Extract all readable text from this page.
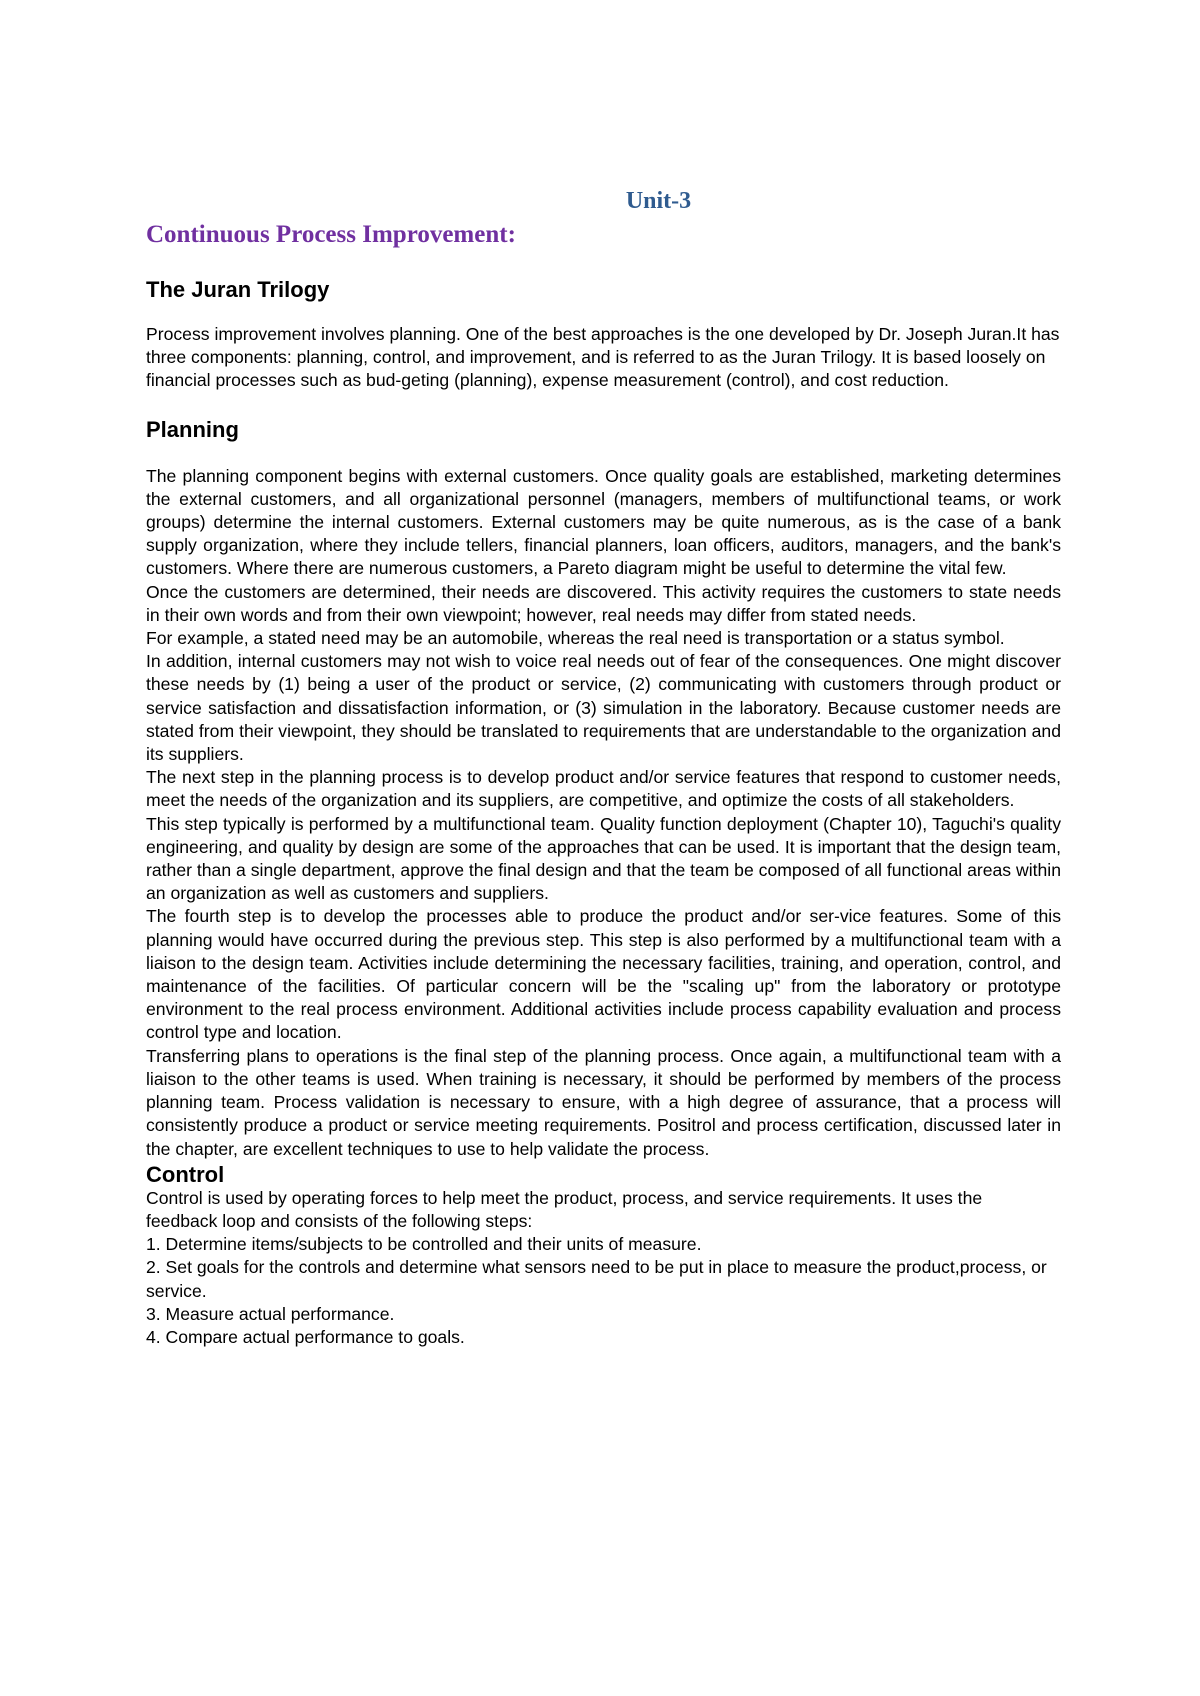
Unit-3
Continuous Process Improvement:
The Juran Trilogy

Process improvement involves planning. One of the best approaches is the one developed by Dr. Joseph Juran.It has three components: planning, control, and improvement, and is referred to as the Juran Trilogy. It is based loosely on financial processes such as bud-geting (planning), expense measurement (control), and cost reduction.

Planning

The planning component begins with external customers. Once quality goals are established, marketing determines the external customers, and all organizational personnel (managers, members of multifunctional teams, or work groups) determine the internal customers. External customers may be quite numerous, as is the case of a bank supply organization, where they include tellers, financial planners, loan officers, auditors, managers, and the bank's customers. Where there are numerous customers, a Pareto diagram might be useful to determine the vital few.

Once the customers are determined, their needs are discovered. This activity requires the customers to state needs in their own words and from their own viewpoint; however, real needs may differ from stated needs.

For example, a stated need may be an automobile, whereas the real need is transportation or a status symbol.

In addition, internal customers may not wish to voice real needs out of fear of the consequences. One might discover these needs by (1) being a user of the product or service, (2) communicating with customers through product or service satisfaction and dissatisfaction information, or (3) simulation in the laboratory. Because customer needs are stated from their viewpoint, they should be translated to requirements that are understandable to the organization and its suppliers.

The next step in the planning process is to develop product and/or service features that respond to customer needs, meet the needs of the organization and its suppliers, are competitive, and optimize the costs of all stakeholders.

This step typically is performed by a multifunctional team. Quality function deployment (Chapter 10), Taguchi's quality engineering, and quality by design are some of the approaches that can be used. It is important that the design team, rather than a single department, approve the final design and that the team be composed of all functional areas within an organization as well as customers and suppliers.

The fourth step is to develop the processes able to produce the product and/or ser-vice features. Some of this planning would have occurred during the previous step. This step is also performed by a multifunctional team with a liaison to the design team. Activities include determining the necessary facilities, training, and operation, control, and maintenance of the facilities. Of particular concern will be the "scaling up" from the laboratory or prototype environment to the real process environment. Additional activities include process capability evaluation and process control type and location.

Transferring plans to operations is the final step of the planning process. Once again, a multifunctional team with a liaison to the other teams is used. When training is necessary, it should be performed by members of the process planning team. Process validation is necessary to ensure, with a high degree of assurance, that a process will consistently produce a product or service meeting requirements. Positrol and process certification, discussed later in the chapter, are excellent techniques to use to help validate the process.

Control

Control is used by operating forces to help meet the product, process, and service requirements. It uses the

feedback loop and consists of the following steps:

1. Determine items/subjects to be controlled and their units of measure.

2. Set goals for the controls and determine what sensors need to be put in place to measure the product,process, or service.

3. Measure actual performance.

4. Compare actual performance to goals.
